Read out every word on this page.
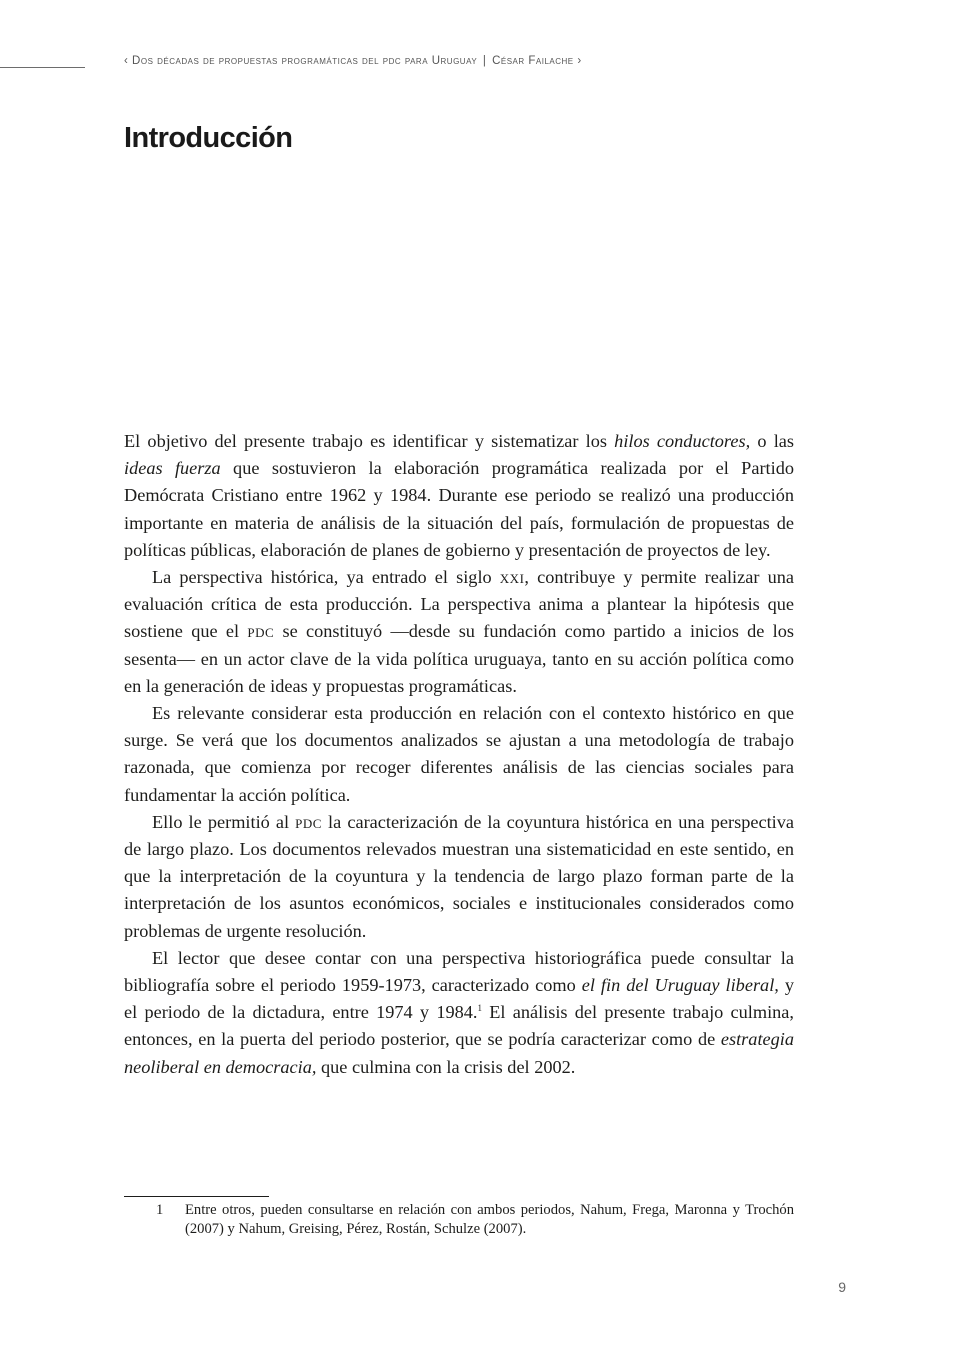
‹ Dos décadas de propuestas programáticas del pdc para Uruguay | César Failache ›
Introducción

El objetivo del presente trabajo es identificar y sistematizar los hilos conductores, o las ideas fuerza que sostuvieron la elaboración programática realizada por el Partido Demócrata Cristiano entre 1962 y 1984. Durante ese periodo se realizó una producción importante en materia de análisis de la situación del país, formulación de propuestas de políticas públicas, elaboración de planes de gobierno y presentación de proyectos de ley.

La perspectiva histórica, ya entrado el siglo xxi, contribuye y permite realizar una evaluación crítica de esta producción. La perspectiva anima a plantear la hipótesis que sostiene que el pdc se constituyó —desde su fundación como partido a inicios de los sesenta— en un actor clave de la vida política uruguaya, tanto en su acción política como en la generación de ideas y propuestas programáticas.

Es relevante considerar esta producción en relación con el contexto histórico en que surge. Se verá que los documentos analizados se ajustan a una metodología de trabajo razonada, que comienza por recoger diferentes análisis de las ciencias sociales para fundamentar la acción política.

Ello le permitió al pdc la caracterización de la coyuntura histórica en una perspectiva de largo plazo. Los documentos relevados muestran una sistematicidad en este sentido, en que la interpretación de la coyuntura y la tendencia de largo plazo forman parte de la interpretación de los asuntos económicos, sociales e institucionales considerados como problemas de urgente resolución.

El lector que desee contar con una perspectiva historiográfica puede consultar la bibliografía sobre el periodo 1959-1973, caracterizado como el fin del Uruguay liberal, y el periodo de la dictadura, entre 1974 y 1984.$^1$ El análisis del presente trabajo culmina, entonces, en la puerta del periodo posterior, que se podría caracterizar como de estrategia neoliberal en democracia, que culmina con la crisis del 2002.

1	Entre otros, pueden consultarse en relación con ambos periodos, Nahum, Frega, Maronna y Trochón (2007) y Nahum, Greising, Pérez, Rostán, Schulze (2007).
9
